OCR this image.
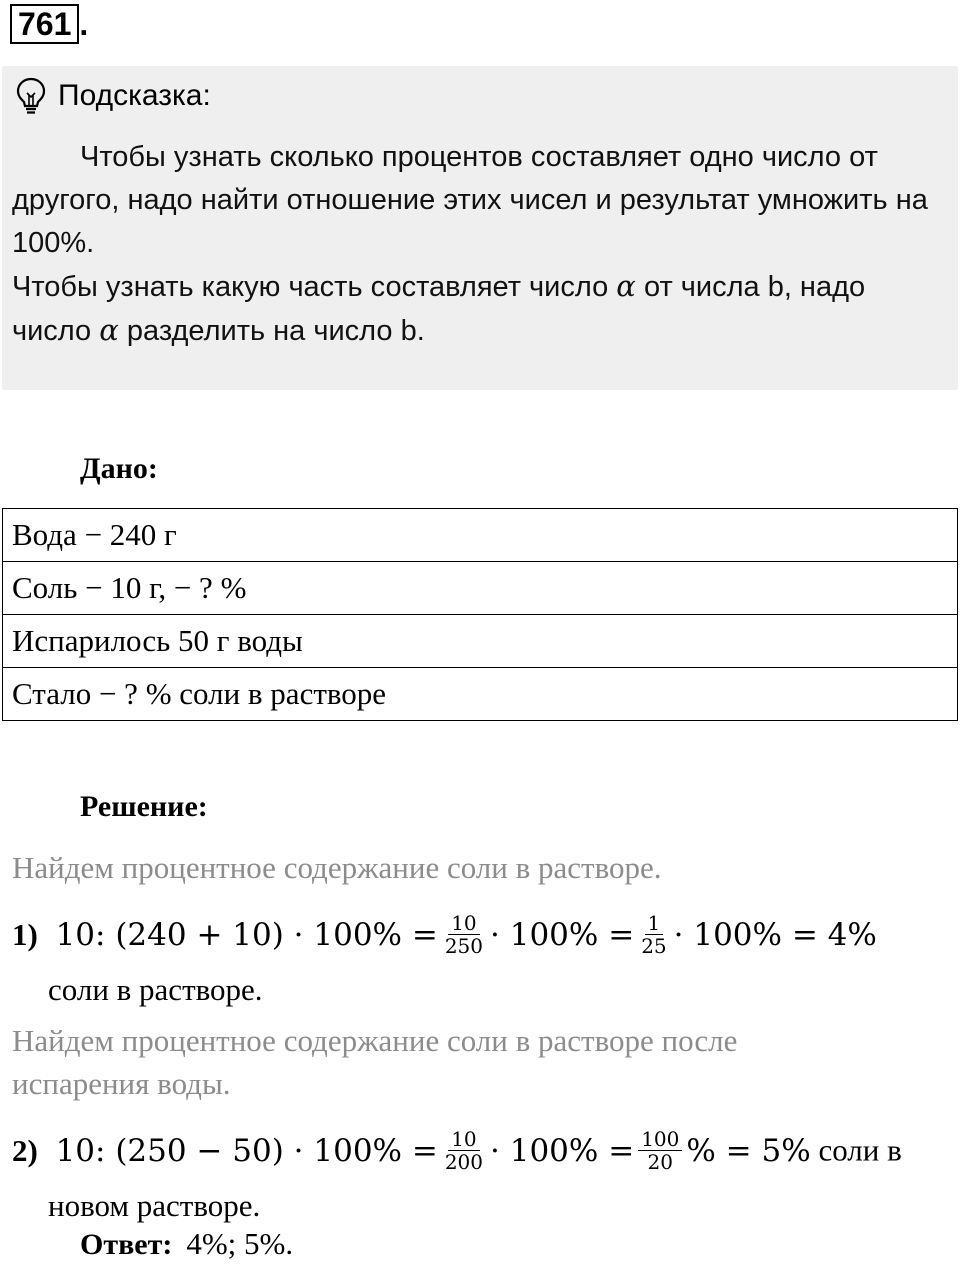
761 .
Подсказка:

Чтобы узнать сколько процентов составляет одно число от другого, надо найти отношение этих чисел и результат умножить на 100%.

Чтобы узнать какую часть составляет число α от числа b, надо

число α разделить на число b.

Дано:
Вода − 240 г
Соль − 10 г, − ? %
Испарилось 50 г воды
Стало − ? % соли в растворе
Решение:
Найдем процентное содержание соли в растворе.
1) 10: $(240 + 10) \cdot 100\% = \frac{10}{250} \cdot 100\% = \frac{1}{25} \cdot 100\% = 4\%$
соли в растворе.
Найдем процентное содержание соли в растворе после
испарения воды.
2) 10: $(250 - 50) \cdot 100\% = \frac{10}{200} \cdot 100\% = \frac{100}{20}$ % = 5% соли в
новом растворе.
Ответ: 4%; 5%.
